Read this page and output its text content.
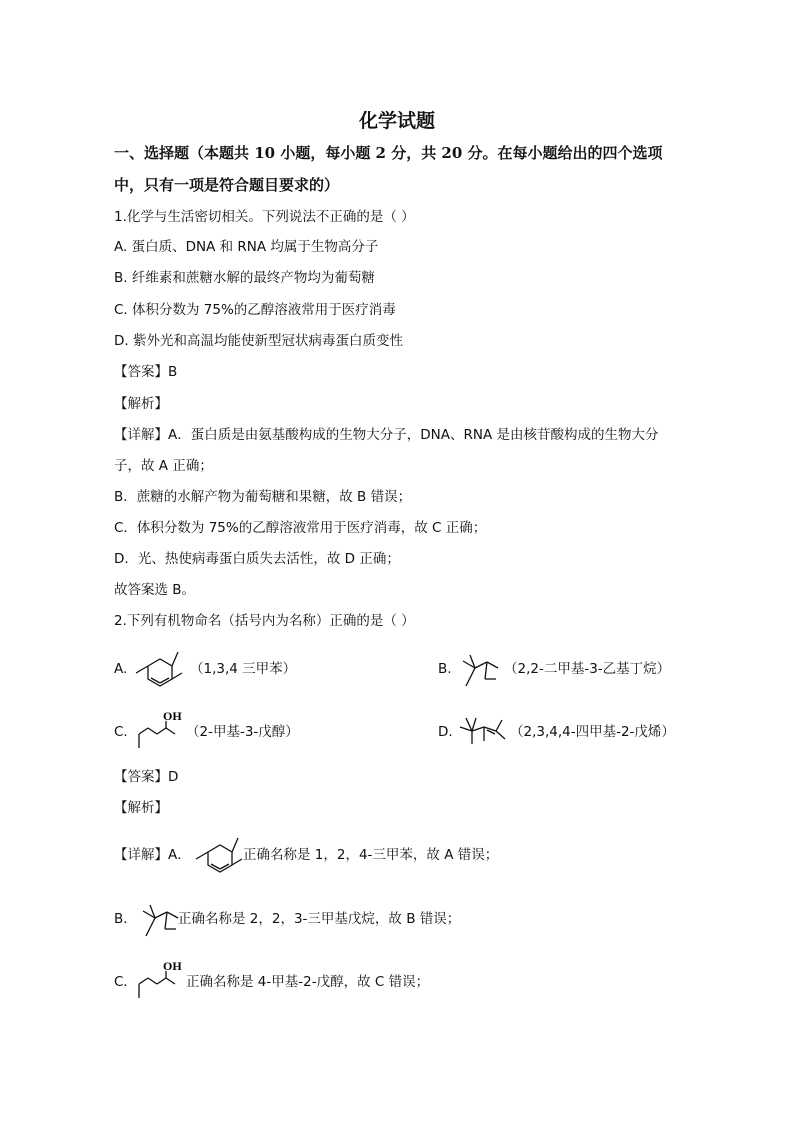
化学试题
一、选择题（本题共 10 小题，每小题 2 分，共 20 分。在每小题给出的四个选项
中，只有一项是符合题目要求的）
1.化学与生活密切相关。下列说法不正确的是（ ）
A. 蛋白质、DNA 和 RNA 均属于生物高分子
B. 纤维素和蔗糖水解的最终产物均为葡萄糖
C. 体积分数为 75%的乙醇溶液常用于医疗消毒
D. 紫外光和高温均能使新型冠状病毒蛋白质变性
【答案】B
【解析】
【详解】A．蛋白质是由氨基酸构成的生物大分子，DNA、RNA 是由核苷酸构成的生物大分
子，故 A 正确；
B．蔗糖的水解产物为葡萄糖和果糖，故 B 错误；
C．体积分数为 75%的乙醇溶液常用于医疗消毒，故 C 正确；
D．光、热使病毒蛋白质失去活性，故 D 正确；
故答案选 B。
2.下列有机物命名（括号内为名称）正确的是（ ）
A.	（1,3,4 三甲苯）	B.	（2,2-二甲基-3-乙基丁烷）
C.
OH
（2-甲基-3-戊醇）	D.	（2,3,4,4-四甲基-2-戊烯）
【答案】D
【解析】
【详解】A．	正确名称是 1，2，4-三甲苯，故 A 错误；
B．	正确名称是 2，2，3-三甲基戊烷，故 B 错误；
C．
OH
正确名称是 4-甲基-2-戊醇，故 C 错误；
